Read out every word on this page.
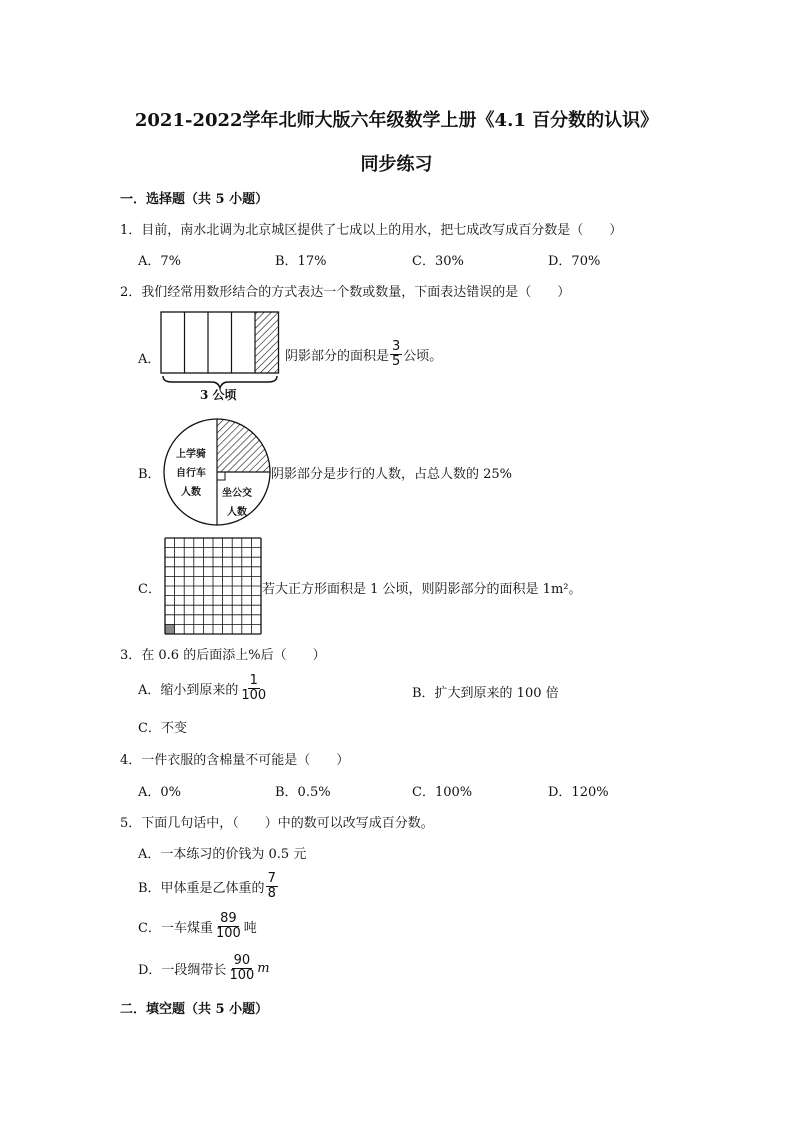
2021-2022学年北师大版六年级数学上册《4.1 百分数的认识》
同步练习
一．选择题（共 5 小题）
1．目前，南水北调为北京城区提供了七成以上的用水，把七成改写成百分数是（　　）
A．7%	B．17%	C．30%	D．70%
2．我们经常用数形结合的方式表达一个数或数量，下面表达错误的是（　　）
A．
3 公顷
阴影部分的面积是 $\frac{3}{5}$ 公顷。
B．
上学骑
自行车
人数	坐公交
人数
阴影部分是步行的人数，占总人数的 25%
C．	若大正方形面积是 1 公顷，则阴影部分的面积是 1m²。
3．在 0.6 的后面添上%后（　　）
A．缩小到原来的 $\frac{1}{100}$	B．扩大到原来的 100 倍
C．不变
4．一件衣服的含棉量不可能是（　　）
A．0%	B．0.5%	C．100%	D．120%
5．下面几句话中，（　　）中的数可以改写成百分数。
A．一本练习的价钱为 0.5 元
B．甲体重是乙体重的 $\frac{7}{8}$
C．一车煤重 $\frac{89}{100}$ 吨
D．一段绸带长 $\frac{90}{100}$ m
二．填空题（共 5 小题）
